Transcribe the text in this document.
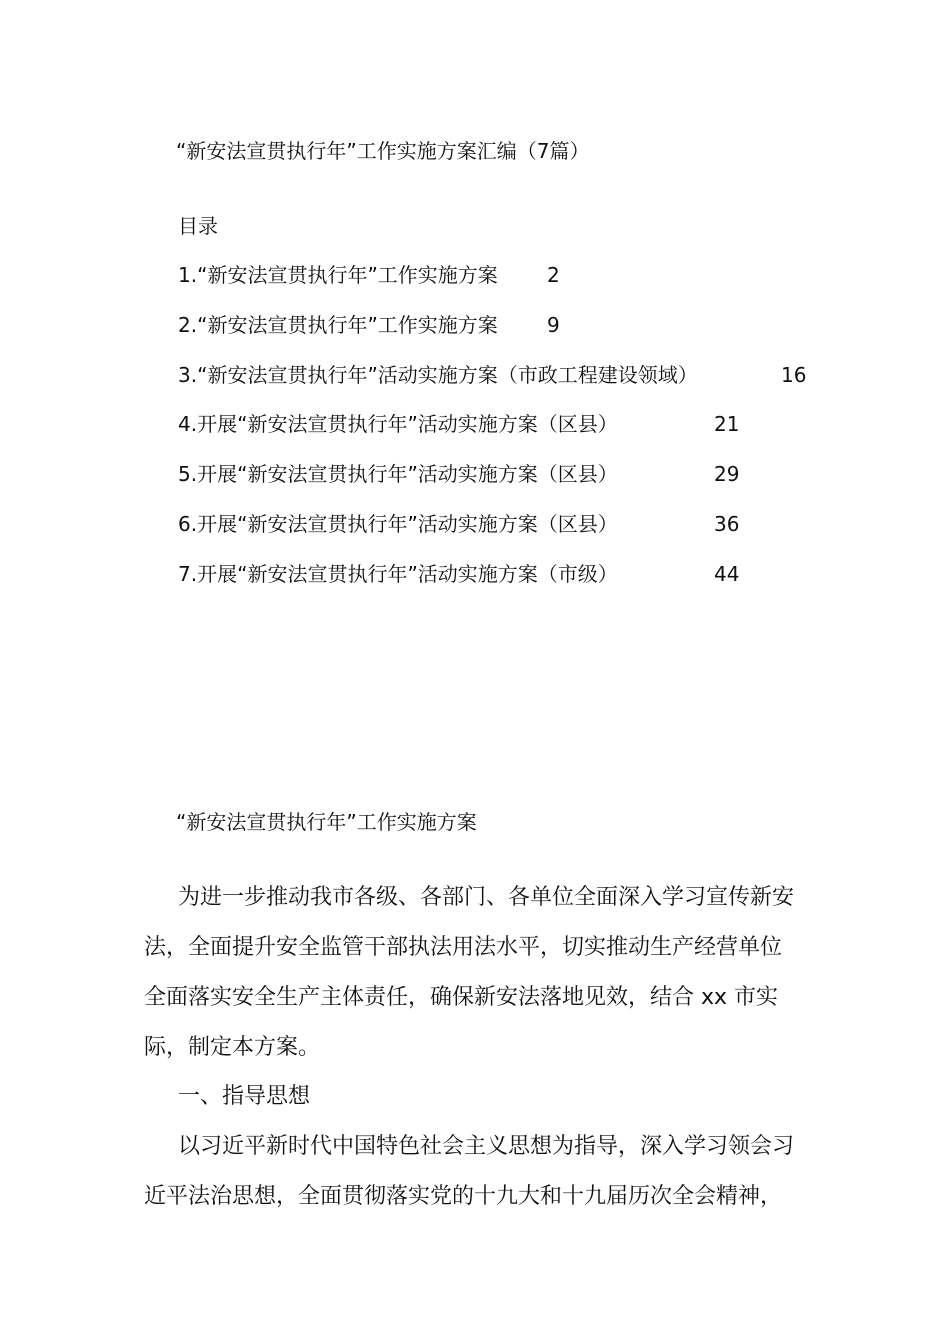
“新安法宣贯执行年”工作实施方案汇编（7篇）
目录
1.“新安法宣贯执行年”工作实施方案 2
2.“新安法宣贯执行年”工作实施方案 9
3.“新安法宣贯执行年”活动实施方案（市政工程建设领域）	16
4.开展“新安法宣贯执行年”活动实施方案（区县）	21
5.开展“新安法宣贯执行年”活动实施方案（区县）	29
6.开展“新安法宣贯执行年”活动实施方案（区县）	36
7.开展“新安法宣贯执行年”活动实施方案（市级）	44
“新安法宣贯执行年”工作实施方案
为进一步推动我市各级、各部门、各单位全面深入学习宣传新安
法，全面提升安全监管干部执法用法水平，切实推动生产经营单位
全面落实安全生产主体责任，确保新安法落地见效，结合 xx 市实
际，制定本方案。
一、指导思想
以习近平新时代中国特色社会主义思想为指导，深入学习领会习
近平法治思想，全面贯彻落实党的十九大和十九届历次全会精神，
